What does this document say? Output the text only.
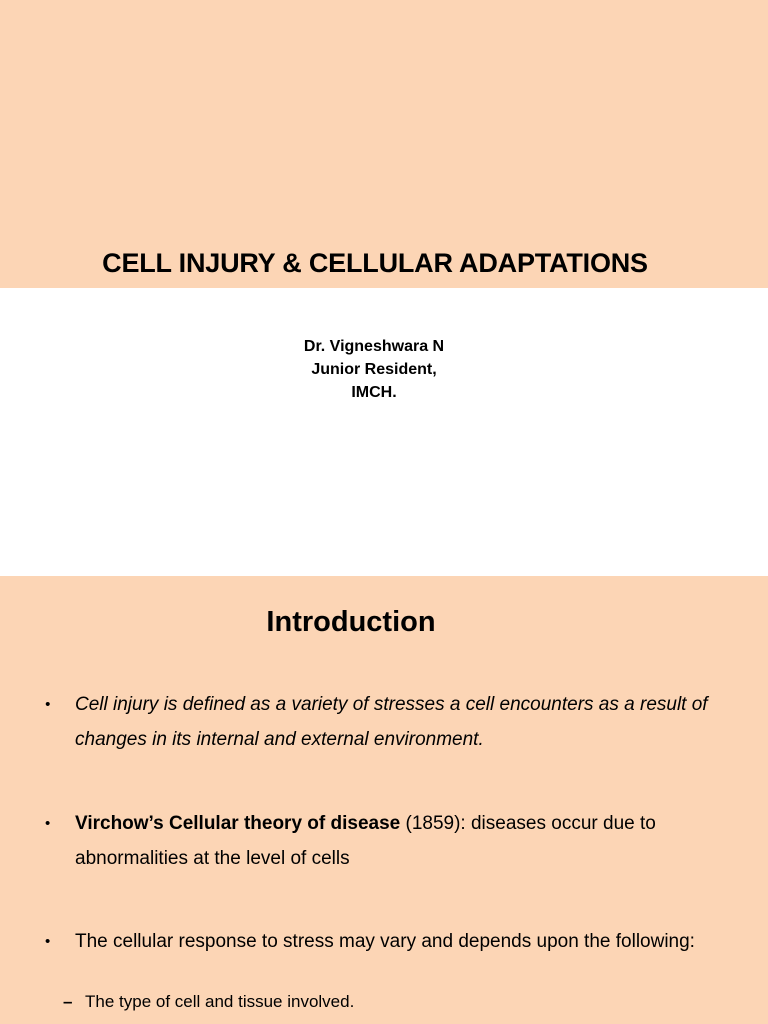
CELL INJURY & CELLULAR ADAPTATIONS
Dr. Vigneshwara N
Junior Resident,
IMCH.
Introduction
• Cell injury is defined as a variety of stresses a cell encounters as a result of changes in its internal and external environment.
• Virchow’s Cellular theory of disease (1859): diseases occur due to abnormalities at the level of cells
• The cellular response to stress may vary and depends upon the following:
– The type of cell and tissue involved.
